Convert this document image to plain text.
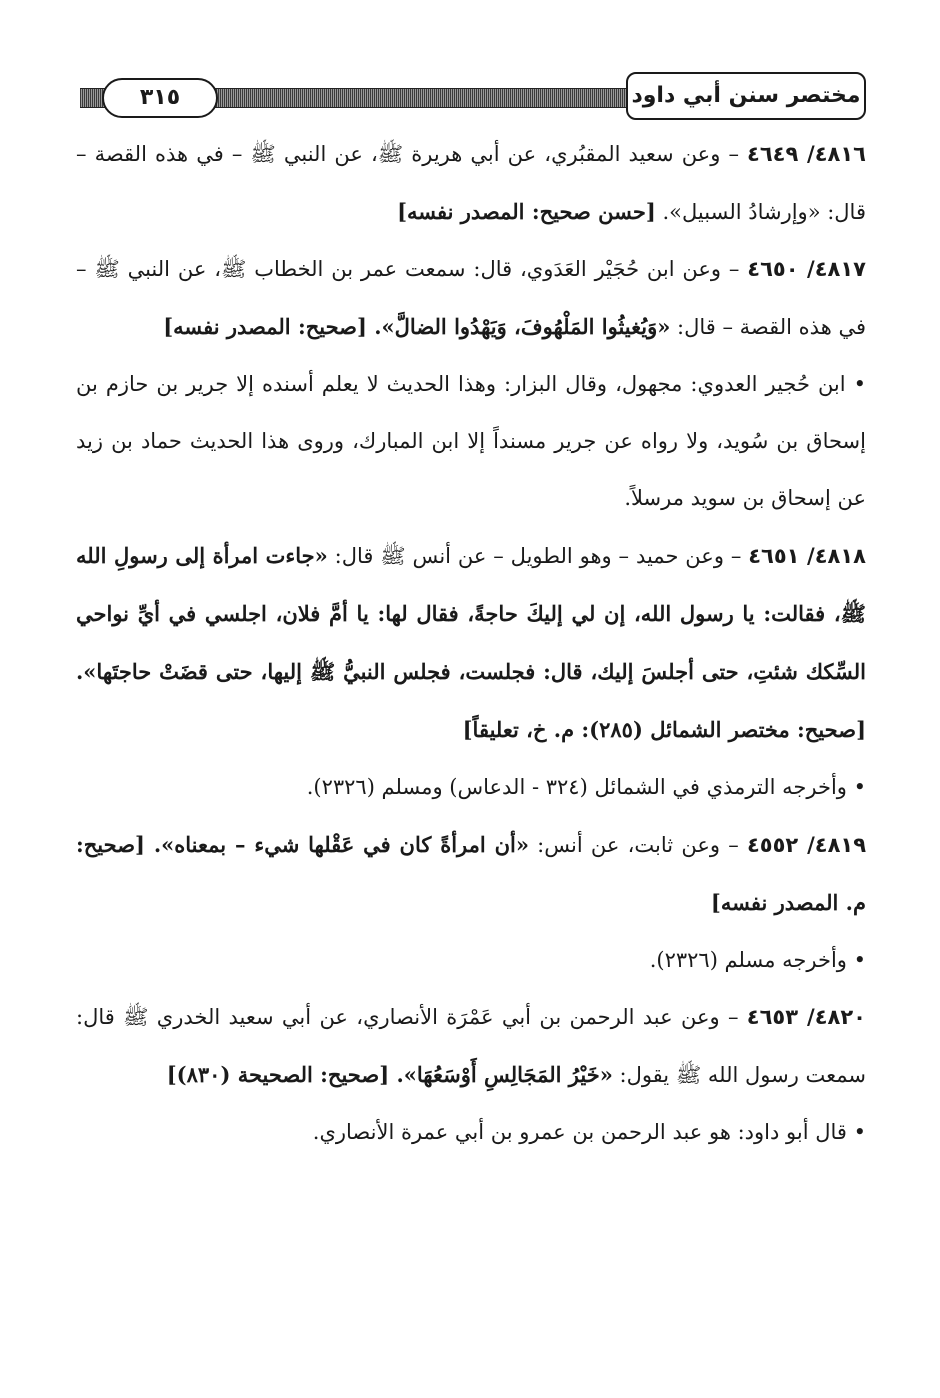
٣١٥	مختصر سنن أبي داود

٤٨١٦/ ٤٦٤٩ – وعن سعيد المقبُري، عن أبي هريرة ﷺ، عن النبي ﷺ – في هذه القصة – قال: «وإرشادُ السبيل». [حسن صحيح: المصدر نفسه]

٤٨١٧/ ٤٦٥٠ – وعن ابن حُجَيْر العَدَوي، قال: سمعت عمر بن الخطاب ﷺ، عن النبي ﷺ – في هذه القصة – قال: «وَيُغيثُوا المَلْهُوفَ، وَيَهْدُوا الضالَّ». [صحيح: المصدر نفسه]

• ابن حُجير العدوي: مجهول، وقال البزار: وهذا الحديث لا يعلم أسنده إلا جرير بن حازم بن إسحاق بن سُويد، ولا رواه عن جرير مسنداً إلا ابن المبارك، وروى هذا الحديث حماد بن زيد عن إسحاق بن سويد مرسلاً.

٤٨١٨/ ٤٦٥١ – وعن حميد – وهو الطويل – عن أنس ﷺ قال: «جاءت امرأة إلى رسولِ الله ﷺ، فقالت: يا رسول الله، إن لي إليكَ حاجةً، فقال لها: يا أمَّ فلان، اجلسي في أيِّ نواحي السِّكك شئتِ، حتى أجلسَ إليك، قال: فجلست، فجلس النبيُّ ﷺ إليها، حتى قضَتْ حاجتَها». [صحيح: مختصر الشمائل (٢٨٥): م. خ، تعليقاً]

• وأخرجه الترمذي في الشمائل (٣٢٤ - الدعاس) ومسلم (٢٣٢٦).

٤٨١٩/ ٤٥٥٢ – وعن ثابت، عن أنس: «أن امرأةً كان في عَقْلها شيء – بمعناه». [صحيح: م. المصدر نفسه]

• وأخرجه مسلم (٢٣٢٦).

٤٨٢٠/ ٤٦٥٣ – وعن عبد الرحمن بن أبي عَمْرَة الأنصاري، عن أبي سعيد الخدري ﷺ قال: سمعت رسول الله ﷺ يقول: «خَيْرُ المَجَالِسِ أَوْسَعُهَا». [صحيح: الصحيحة (٨٣٠)]

• قال أبو داود: هو عبد الرحمن بن عمرو بن أبي عمرة الأنصاري.
